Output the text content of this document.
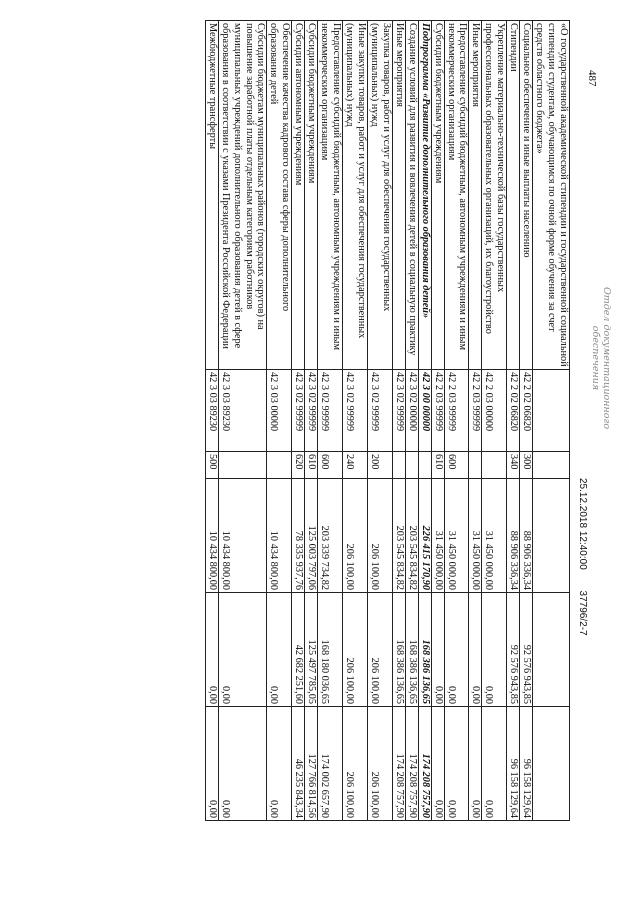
487
«О государственной академической стипендии и государственной социальной стипендии студентам, обучающимся по очной форме обучения за счет средств областного бюджета»					
Социальное обеспечение и иные выплаты населению	42 2 02 06820	300	88 906 336,34	92 576 943,85	96 158 129,64
Стипендии	42 2 02 06820	340	88 906 336,34	92 576 943,85	96 158 129,64
Укрепление материально-технической базы государственных профессиональных образовательных организаций, их благоустройство	42 2 03 00000		31 450 000,00	0,00	0,00
Иные мероприятия	42 2 03 99999		31 450 000,00	0,00	0,00
Предоставление субсидий бюджетным, автономным учреждениям и иным некоммерческим организациям	42 2 03 99999	600	31 450 000,00	0,00	0,00
Субсидии бюджетным учреждениям	42 2 03 99999	610	31 450 000,00	0,00	0,00
Подпрограмма «Развитие дополнительного образования детей»	42 3 00 00000		226 415 170,90	168 386 136,65	174 208 757,90
Создание условий для развития и вовлечения детей в социальную практику	42 3 02 00000		203 545 834,82	168 386 136,65	174 208 757,90
Иные мероприятия	42 3 02 99999		203 545 834,82	168 386 136,65	174 208 757,90
Закупка товаров, работ и услуг для обеспечения государственных (муниципальных) нужд	42 3 02 99999	200	206 100,00	206 100,00	206 100,00
Иные закупки товаров, работ и услуг для обеспечения государственных (муниципальных) нужд	42 3 02 99999	240	206 100,00	206 100,00	206 100,00
Предоставление субсидий бюджетным, автономным учреждениям и иным некоммерческим организациям	42 3 02 99999	600	203 339 734,82	168 180 036,65	174 002 657,90
Субсидии бюджетным учреждениям	42 3 02 99999	610	125 003 797,06	125 497 785,05	127 766 814,56
Субсидии автономным учреждениям	42 3 02 99999	620	78 335 937,76	42 682 251,60	46 235 843,34
Обеспечение качества кадрового состава сферы дополнительного образования детей	42 3 03 00000		10 434 800,00	0,00	0,00
Субсидии бюджетам муниципальных районов (городских округов) на повышение заработной платы отдельным категориям работников муниципальных учреждений дополнительного образования детей в сфере образования в соответствии с указами Президента Российской Федерации	42 3 03 89230		10 434 800,00	0,00	0,00
Межбюджетные трансферты	42 3 03 89230	500	10 434 800,00	0,00	0,00
25.12.2018 12:40:00 37796/2-7
Отдел документационного обеспечения
